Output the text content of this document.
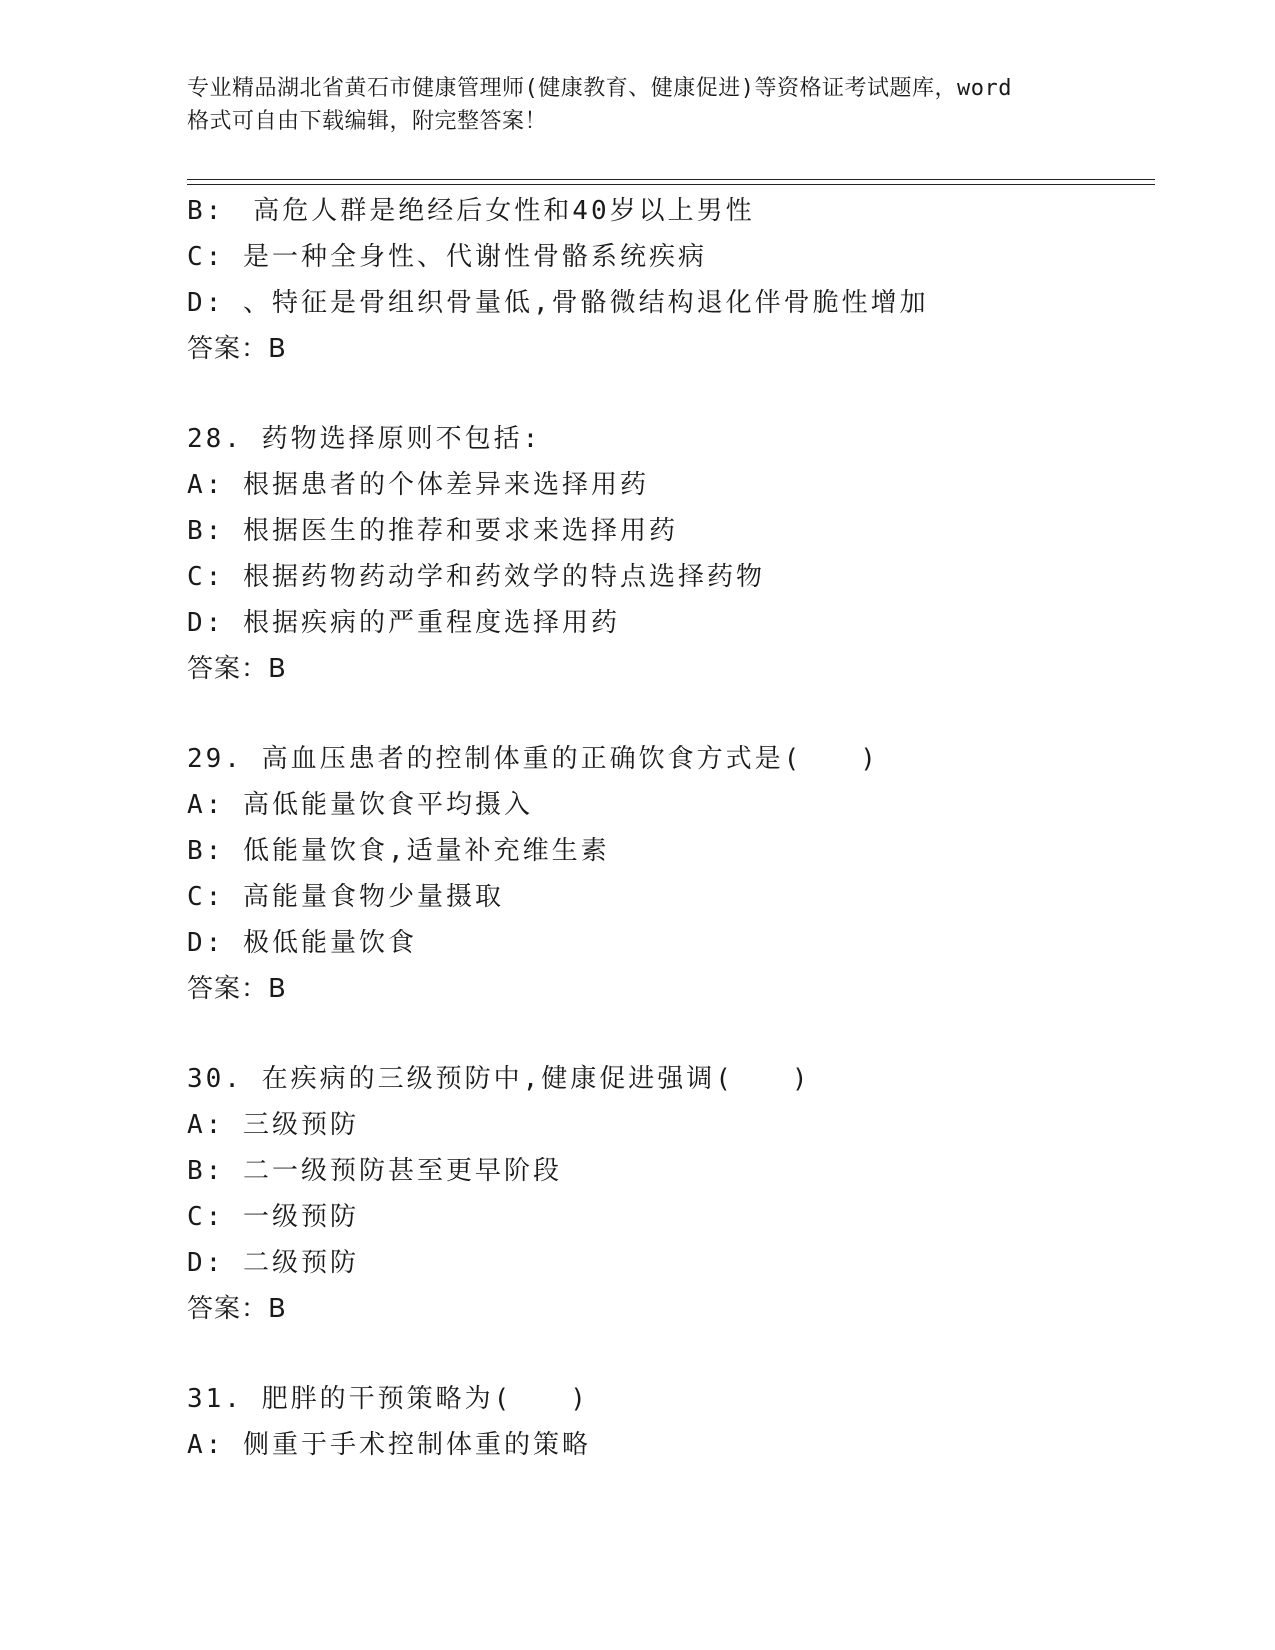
专业精品湖北省黄石市健康管理师(健康教育、健康促进)等资格证考试题库，word
格式可自由下载编辑，附完整答案！
B:　高危人群是绝经后女性和40岁以上男性
C: 是一种全身性、代谢性骨骼系统疾病
D: 、特征是骨组织骨量低,骨骼微结构退化伴骨脆性增加
答案：B
28. 药物选择原则不包括:
A: 根据患者的个体差异来选择用药
B: 根据医生的推荐和要求来选择用药
C: 根据药物药动学和药效学的特点选择药物
D: 根据疾病的严重程度选择用药
答案：B
29. 高血压患者的控制体重的正确饮食方式是(　　)
A: 高低能量饮食平均摄入
B: 低能量饮食,适量补充维生素
C: 高能量食物少量摄取
D: 极低能量饮食
答案：B
30. 在疾病的三级预防中,健康促进强调(　　)
A: 三级预防
B: 二一级预防甚至更早阶段
C: 一级预防
D: 二级预防
答案：B
31. 肥胖的干预策略为(　　)
A: 侧重于手术控制体重的策略
